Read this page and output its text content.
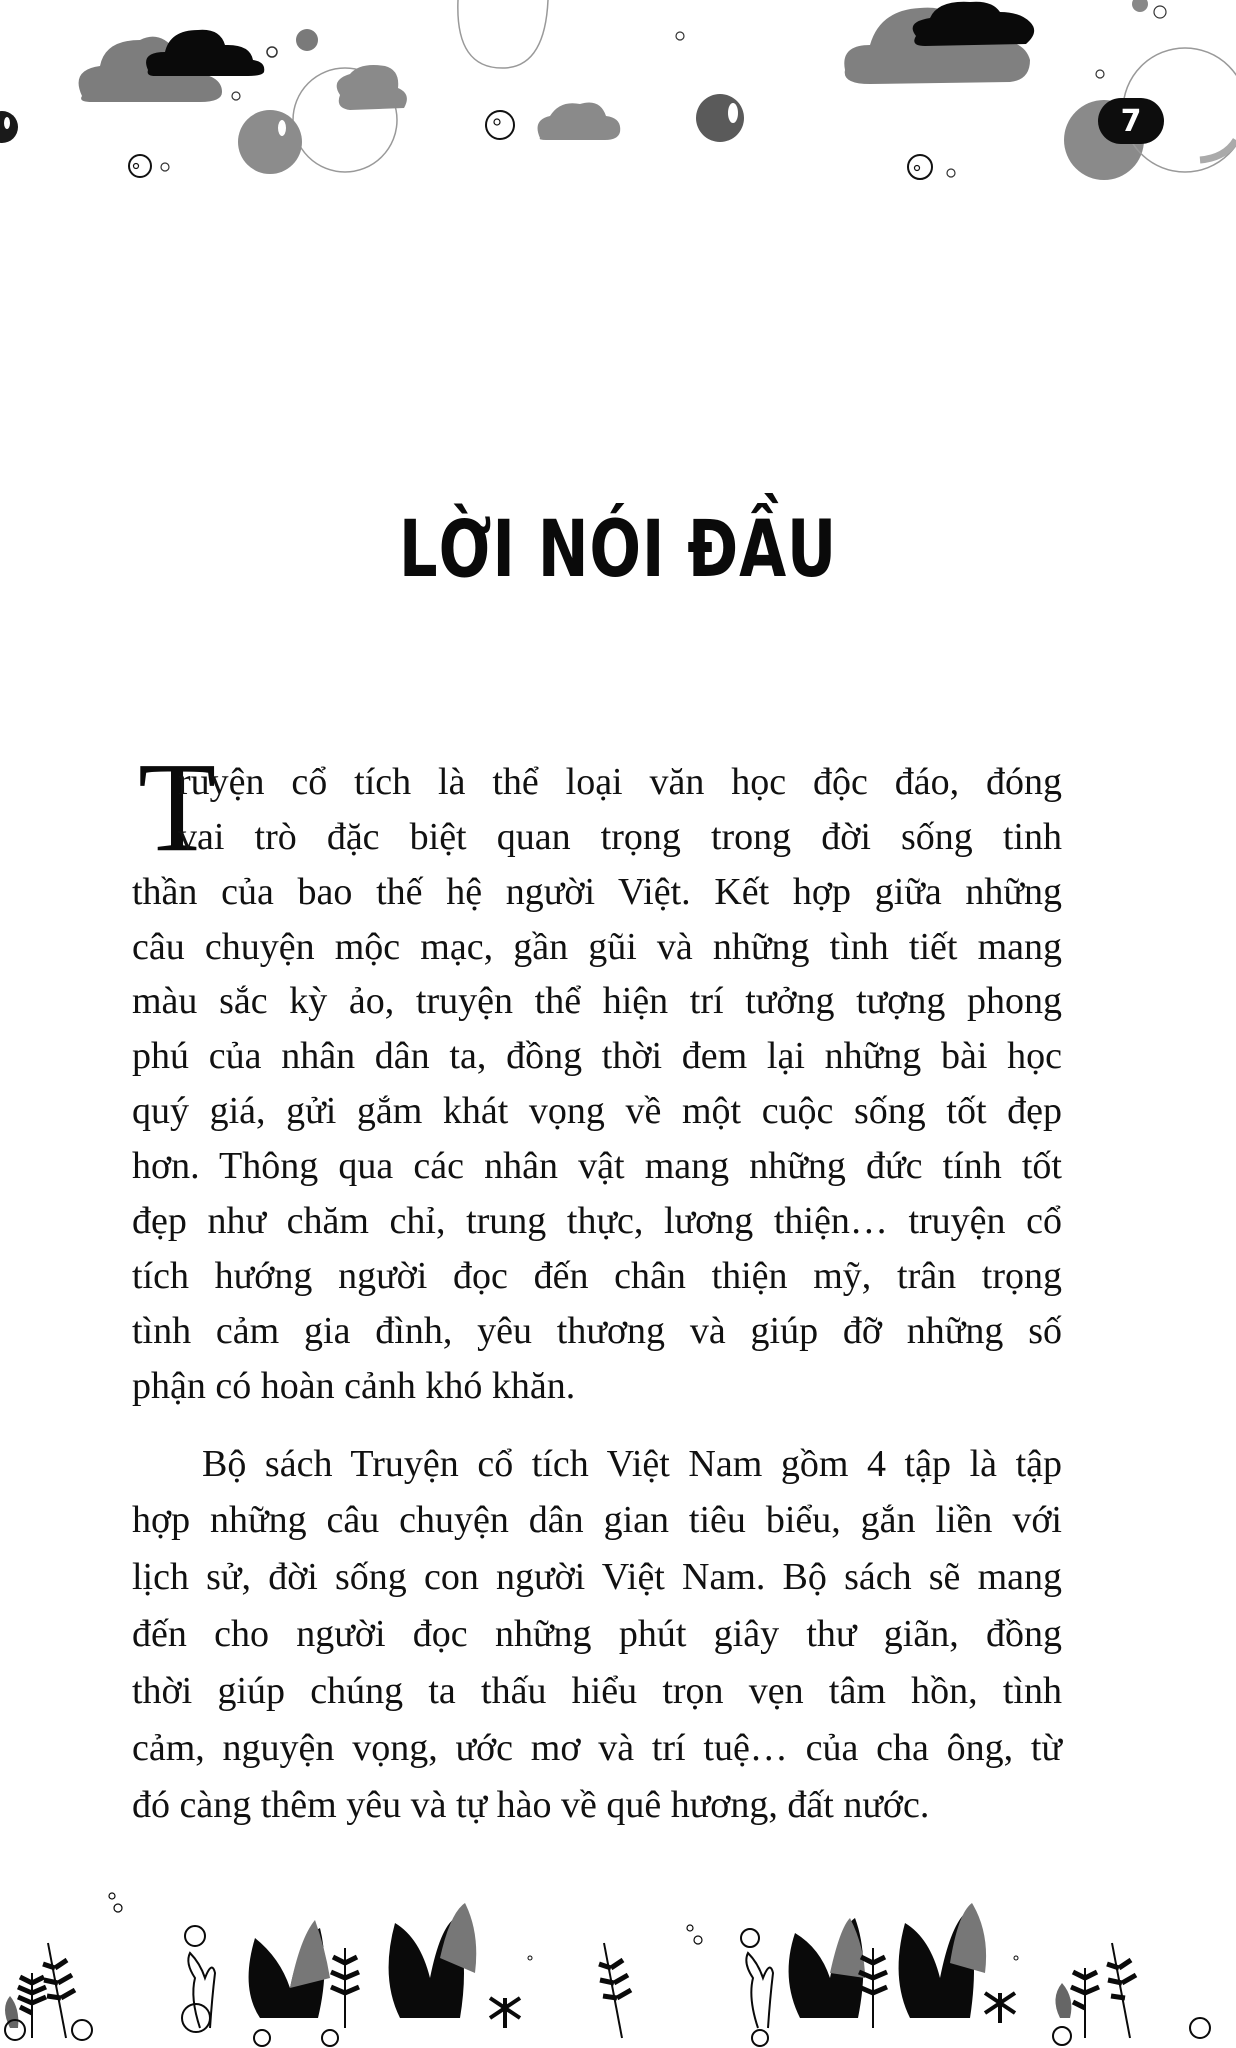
7
LỜI NÓI ĐẦU
T
ruyện cổ tích là thể loại văn học độc đáo, đóng
vai trò đặc biệt quan trọng trong đời sống tinh
thần của bao thế hệ người Việt. Kết hợp giữa những
câu chuyện mộc mạc, gần gũi và những tình tiết mang
màu sắc kỳ ảo, truyện thể hiện trí tưởng tượng phong
phú của nhân dân ta, đồng thời đem lại những bài học
quý giá, gửi gắm khát vọng về một cuộc sống tốt đẹp
hơn. Thông qua các nhân vật mang những đức tính tốt
đẹp như chăm chỉ, trung thực, lương thiện… truyện cổ
tích hướng người đọc đến chân thiện mỹ, trân trọng
tình cảm gia đình, yêu thương và giúp đỡ những số
phận có hoàn cảnh khó khăn.
Bộ sách Truyện cổ tích Việt Nam gồm 4 tập là tập
hợp những câu chuyện dân gian tiêu biểu, gắn liền với
lịch sử, đời sống con người Việt Nam. Bộ sách sẽ mang
đến cho người đọc những phút giây thư giãn, đồng
thời giúp chúng ta thấu hiểu trọn vẹn tâm hồn, tình
cảm, nguyện vọng, ước mơ và trí tuệ… của cha ông, từ
đó càng thêm yêu và tự hào về quê hương, đất nước.
